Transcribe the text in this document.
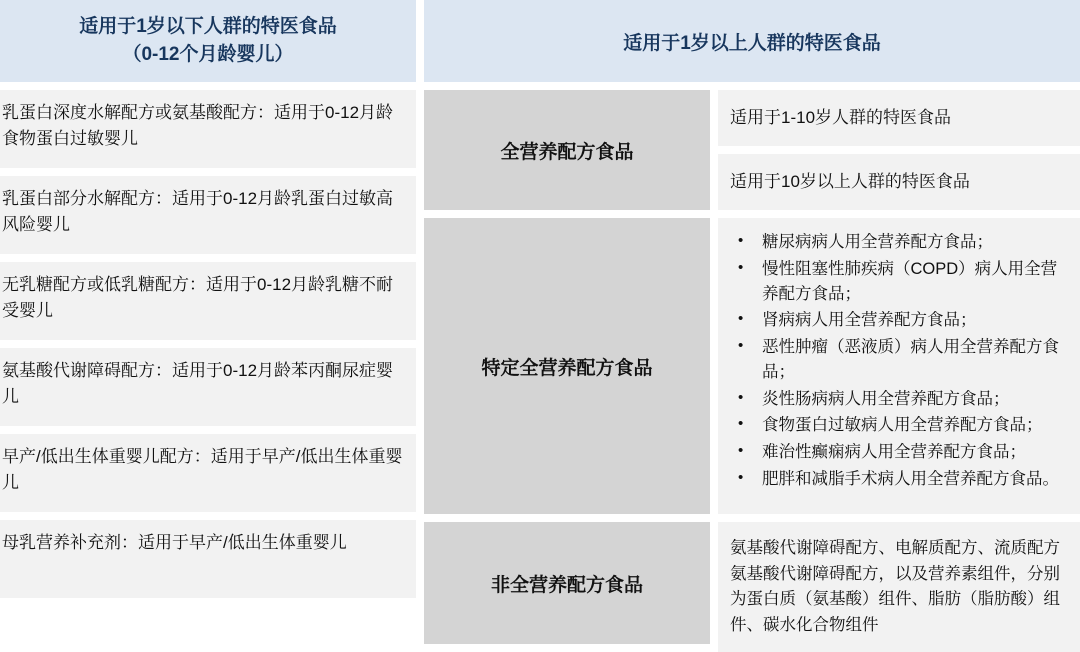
适用于1岁以下人群的特医食品
（0-12个月龄婴儿）
乳蛋白深度水解配方或氨基酸配方：适用于0-12月龄食物蛋白过敏婴儿
乳蛋白部分水解配方：适用于0-12月龄乳蛋白过敏高风险婴儿
无乳糖配方或低乳糖配方：适用于0-12月龄乳糖不耐受婴儿
氨基酸代谢障碍配方：适用于0-12月龄苯丙酮尿症婴儿
早产/低出生体重婴儿配方：适用于早产/低出生体重婴儿
母乳营养补充剂：适用于早产/低出生体重婴儿
适用于1岁以上人群的特医食品
全营养配方食品
适用于1-10岁人群的特医食品
适用于10岁以上人群的特医食品
特定全营养配方食品
• 糖尿病病人用全营养配方食品；
• 慢性阻塞性肺疾病（COPD）病人用全营养配方食品；
• 肾病病人用全营养配方食品；
• 恶性肿瘤（恶液质）病人用全营养配方食品；
• 炎性肠病病人用全营养配方食品；
• 食物蛋白过敏病人用全营养配方食品；
• 难治性癫痫病人用全营养配方食品；
• 肥胖和减脂手术病人用全营养配方食品。
非全营养配方食品
氨基酸代谢障碍配方、电解质配方、流质配方氨基酸代谢障碍配方，以及营养素组件，分别为蛋白质（氨基酸）组件、脂肪（脂肪酸）组件、碳水化合物组件
